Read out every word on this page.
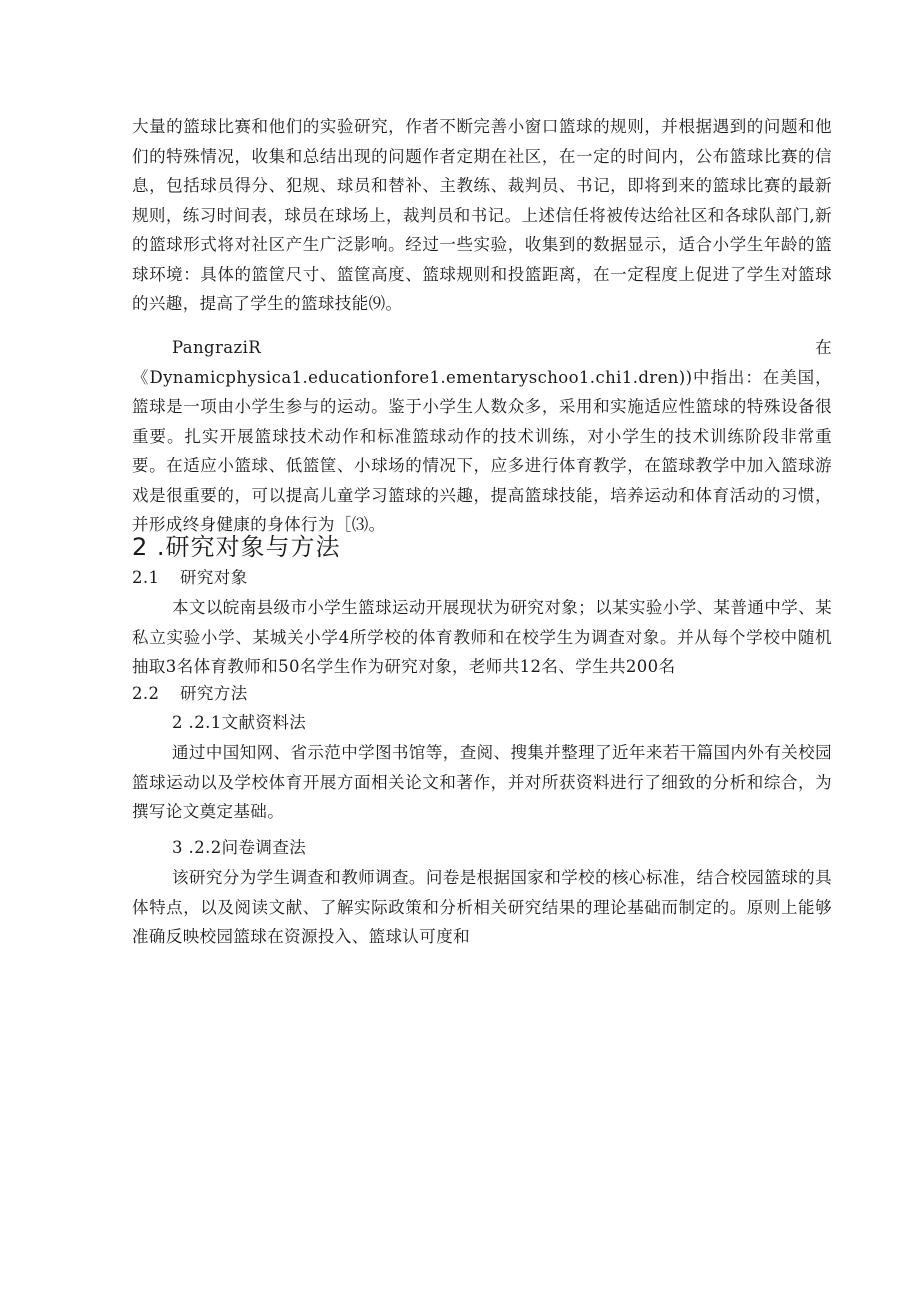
大量的篮球比赛和他们的实验研究，作者不断完善小窗口篮球的规则，并根据遇到的问题和他们的特殊情况，收集和总结出现的问题作者定期在社区，在一定的时间内，公布篮球比赛的信息，包括球员得分、犯规、球员和替补、主教练、裁判员、书记，即将到来的篮球比赛的最新规则，练习时间表，球员在球场上，裁判员和书记。上述信任将被传达给社区和各球队部门,新的篮球形式将对社区产生广泛影响。经过一些实验，收集到的数据显示，适合小学生年龄的篮球环境：具体的篮筐尺寸、篮筐高度、篮球规则和投篮距离，在一定程度上促进了学生对篮球的兴趣，提高了学生的篮球技能⑼。

PangraziR在《Dynamicphysica1.educationfore1.ementaryschoo1.chi1.dren))中指出：在美国，篮球是一项由小学生参与的运动。鉴于小学生人数众多，采用和实施适应性篮球的特殊设备很重要。扎实开展篮球技术动作和标准篮球动作的技术训练，对小学生的技术训练阶段非常重要。在适应小篮球、低篮筐、小球场的情况下，应多进行体育教学，在篮球教学中加入篮球游戏是很重要的，可以提高儿童学习篮球的兴趣，提高篮球技能，培养运动和体育活动的习惯，并形成终身健康的身体行为［⑶。

2 .研究对象与方法
2.1 研究对象

本文以皖南县级市小学生篮球运动开展现状为研究对象；以某实验小学、某普通中学、某私立实验小学、某城关小学4所学校的体育教师和在校学生为调查对象。并从每个学校中随机抽取3名体育教师和50名学生作为研究对象，老师共12名、学生共200名

2.2 研究方法
2 .2.1文献资料法

通过中国知网、省示范中学图书馆等，查阅、搜集并整理了近年来若干篇国内外有关校园篮球运动以及学校体育开展方面相关论文和著作，并对所获资料进行了细致的分析和综合，为撰写论文奠定基础。

3 .2.2问卷调查法

该研究分为学生调查和教师调查。问卷是根据国家和学校的核心标准，结合校园篮球的具体特点，以及阅读文献、了解实际政策和分析相关研究结果的理论基础而制定的。原则上能够准确反映校园篮球在资源投入、篮球认可度和
